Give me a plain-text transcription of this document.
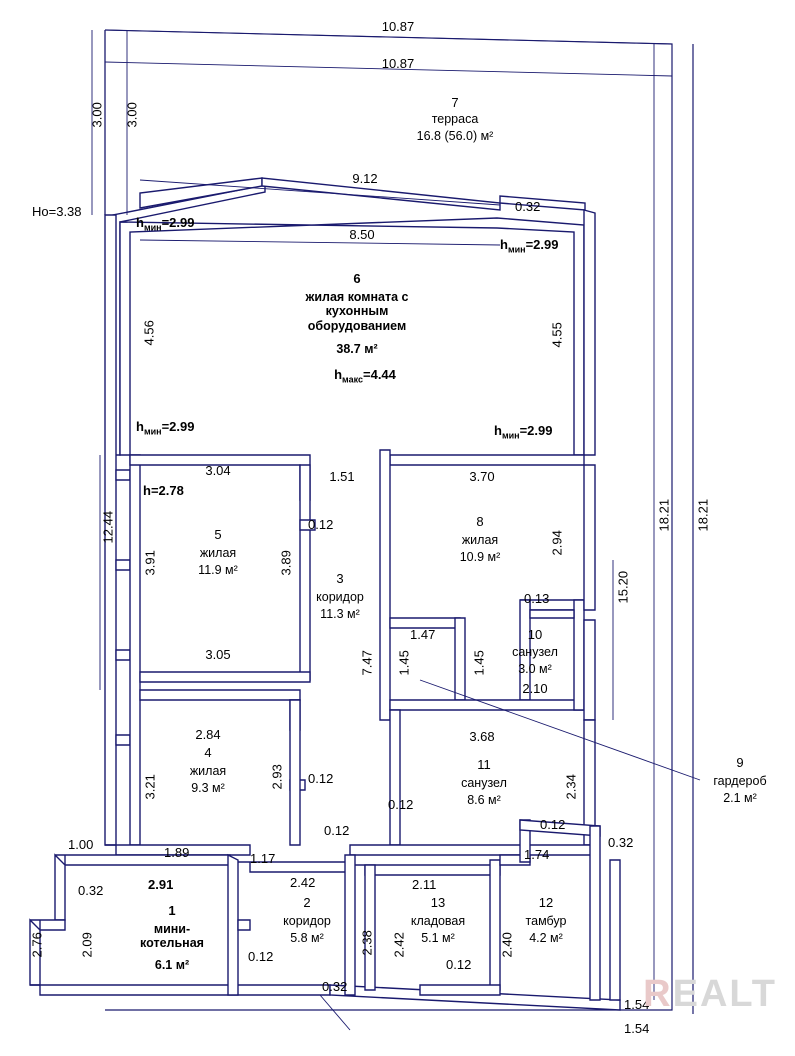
10.87
10.87
3.00 3.00
Ho=3.38
7
терраса
16.8 (56.0) м²
9.12
8.50
$h_{мин}=2.99$
$h_{мин}=2.99$
$h_{мин}=2.99$	$h_{мин}=2.99$
0.32
6
жилая комната с
кухонным
оборудованием
38.7 м²
$h_{макс}=4.44$
4.56	4.55
12.44	18.21 18.21
15.20
3.04
h=2.78
5
жилая
11.9 м²
3.91	3.89
3.05
0.12
1.51
3
коридор
11.3 м²
7.47
3.68
3.70
8
жилая
10.9 м²
2.94
0.13
10
санузел
3.0 м²
2.10
1.47
1.45	1.45
2.84
4
жилая
9.3 м²
3.21	2.93 0.12
11
санузел
8.6 м²
2.34
9
гардероб
2.1 м²
0.12
0.12	0.12
0.32
1.00
1.89	1.17	1.74
0.32	2.91	2.42	2.11
1
мини-
котельная
6.1 м²
2
коридор
5.8 м²
0.12
13
кладовая
5.1 м²
0.12
12
тамбур
4.2 м²
2.76	2.09	2.38 2.42	2.40
0.32
1.54
1.54
REALT
